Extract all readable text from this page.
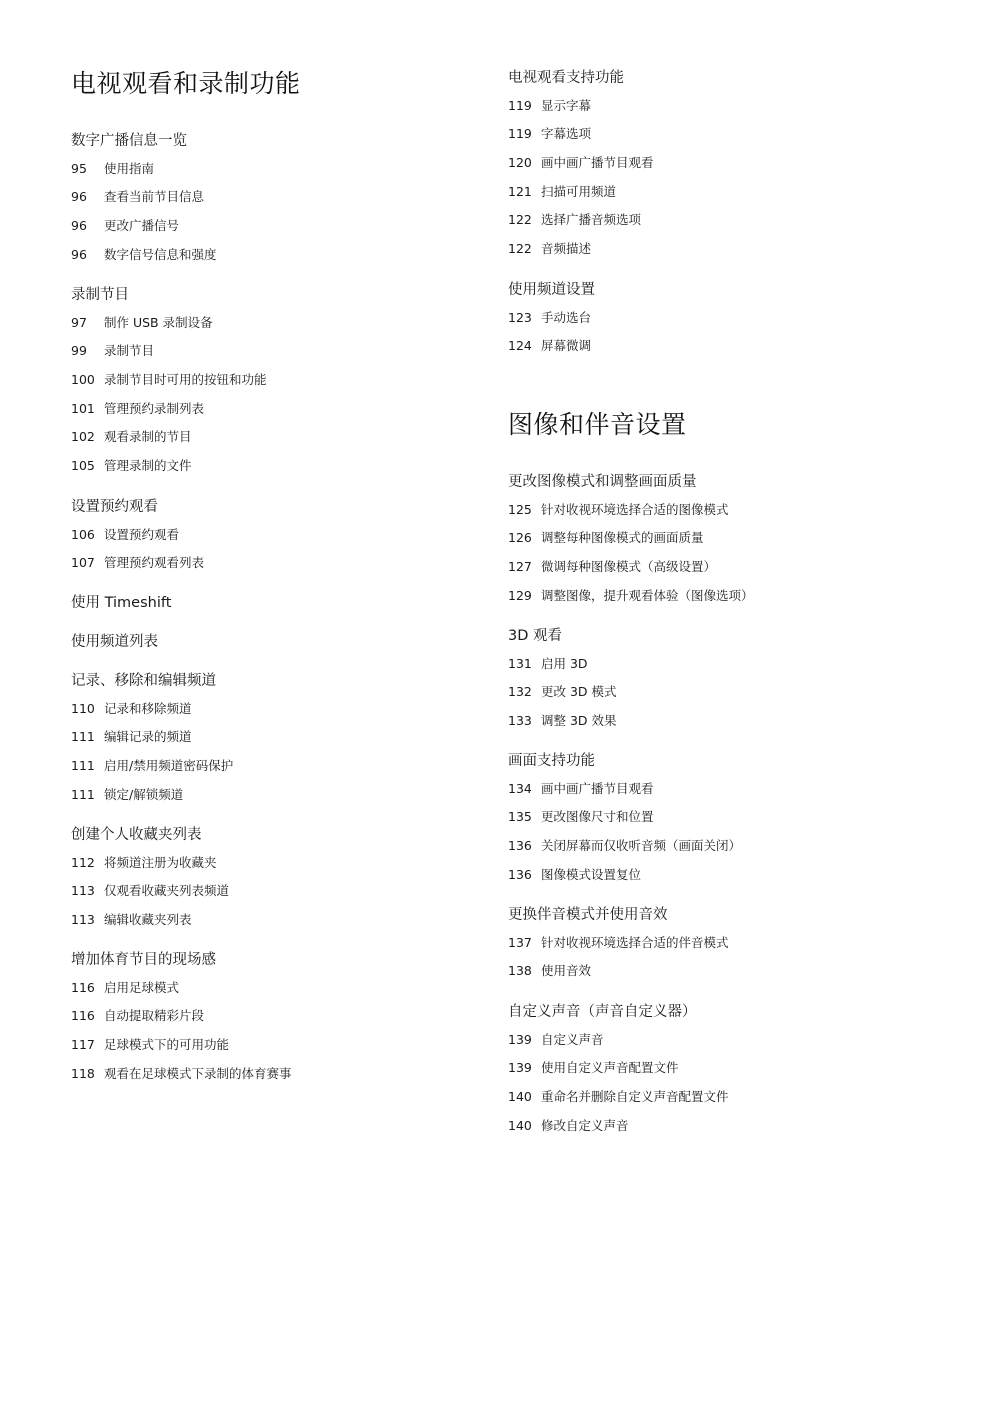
电视观看和录制功能
数字广播信息一览
95	使用指南
96	查看当前节目信息
96	更改广播信号
96	数字信号信息和强度
录制节目
97	制作 USB 录制设备
99	录制节目
100 录制节目时可用的按钮和功能
101 管理预约录制列表
102 观看录制的节目
105 管理录制的文件
设置预约观看
106 设置预约观看
107 管理预约观看列表
使用 Timeshift
使用频道列表
记录、移除和编辑频道
110 记录和移除频道
111 编辑记录的频道
111 启用/禁用频道密码保护
111 锁定/解锁频道
创建个人收藏夹列表
112 将频道注册为收藏夹
113 仅观看收藏夹列表频道
113 编辑收藏夹列表
增加体育节目的现场感
116 启用足球模式
116 自动提取精彩片段
117 足球模式下的可用功能
118 观看在足球模式下录制的体育赛事
电视观看支持功能
119 显示字幕
119 字幕选项
120 画中画广播节目观看
121 扫描可用频道
122 选择广播音频选项
122 音频描述
使用频道设置
123 手动选台
124 屏幕微调
图像和伴音设置
更改图像模式和调整画面质量
125 针对收视环境选择合适的图像模式
126 调整每种图像模式的画面质量
127 微调每种图像模式（高级设置）
129 调整图像，提升观看体验（图像选项）
3D 观看
131 启用 3D
132 更改 3D 模式
133 调整 3D 效果
画面支持功能
134 画中画广播节目观看
135 更改图像尺寸和位置
136 关闭屏幕而仅收听音频（画面关闭）
136 图像模式设置复位
更换伴音模式并使用音效
137 针对收视环境选择合适的伴音模式
138 使用音效
自定义声音（声音自定义器）
139 自定义声音
139 使用自定义声音配置文件
140 重命名并删除自定义声音配置文件
140 修改自定义声音
